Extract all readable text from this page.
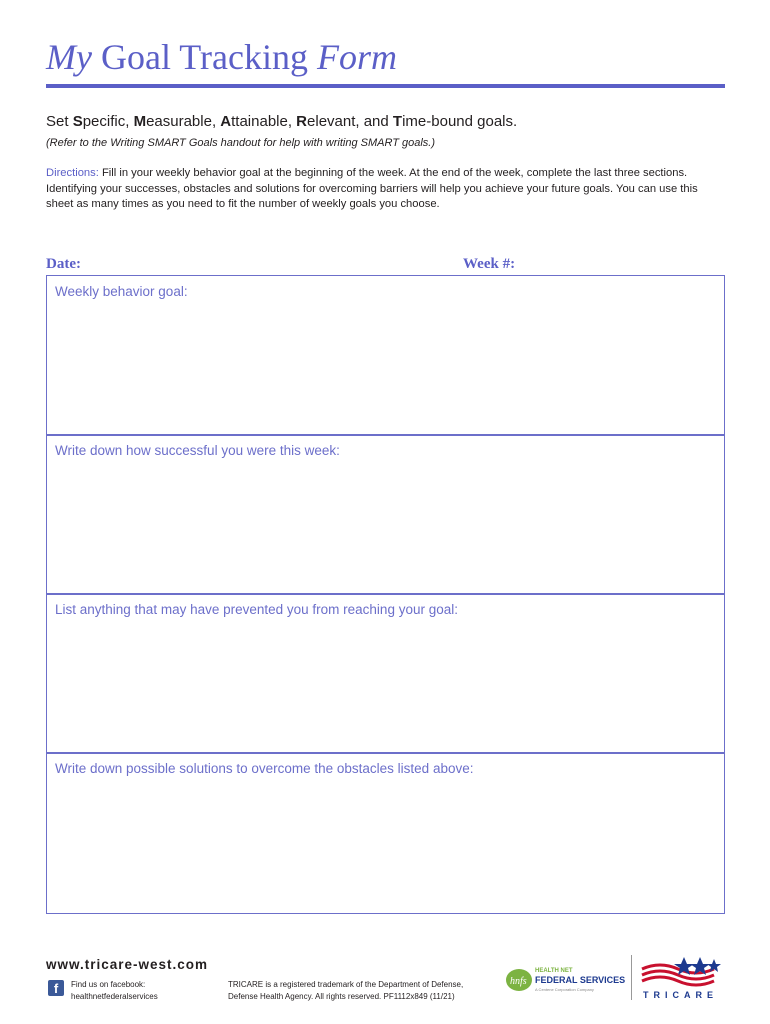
My Goal Tracking Form
Set Specific, Measurable, Attainable, Relevant, and Time-bound goals.
(Refer to the Writing SMART Goals handout for help with writing SMART goals.)
Directions: Fill in your weekly behavior goal at the beginning of the week. At the end of the week, complete the last three sections. Identifying your successes, obstacles and solutions for overcoming barriers will help you achieve your future goals. You can use this sheet as many times as you need to fit the number of weekly goals you choose.
Date:	Week #:
Weekly behavior goal:
Write down how successful you were this week:
List anything that may have prevented you from reaching your goal:
Write down possible solutions to overcome the obstacles listed above:
www.tricare-west.com
f	Find us on facebook:
healthnetfederalservices
TRICARE is a registered trademark of the Department of Defense,
Defense Health Agency. All rights reserved. PF1112x849 (11/21)
hnfs
HEALTH NET
FEDERAL SERVICES
A Centene Corporation Company
TRICARE
